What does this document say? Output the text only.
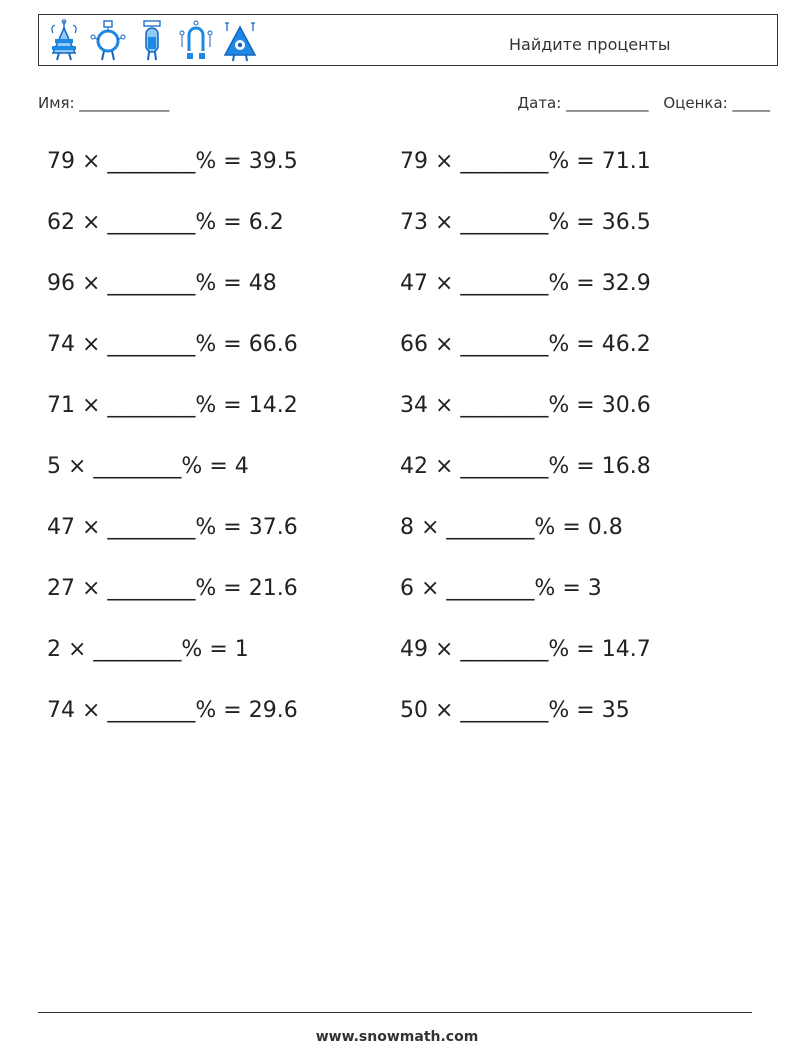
Найдите проценты
Имя: ____________	Дата: ___________ Оценка: _____
79 × ________% = 39.5	79 × ________% = 71.1
62 × ________% = 6.2	73 × ________% = 36.5
96 × ________% = 48	47 × ________% = 32.9
74 × ________% = 66.6	66 × ________% = 46.2
71 × ________% = 14.2	34 × ________% = 30.6
5 × ________% = 4	42 × ________% = 16.8
47 × ________% = 37.6	8 × ________% = 0.8
27 × ________% = 21.6	6 × ________% = 3
2 × ________% = 1	49 × ________% = 14.7
74 × ________% = 29.6	50 × ________% = 35
www.snowmath.com
